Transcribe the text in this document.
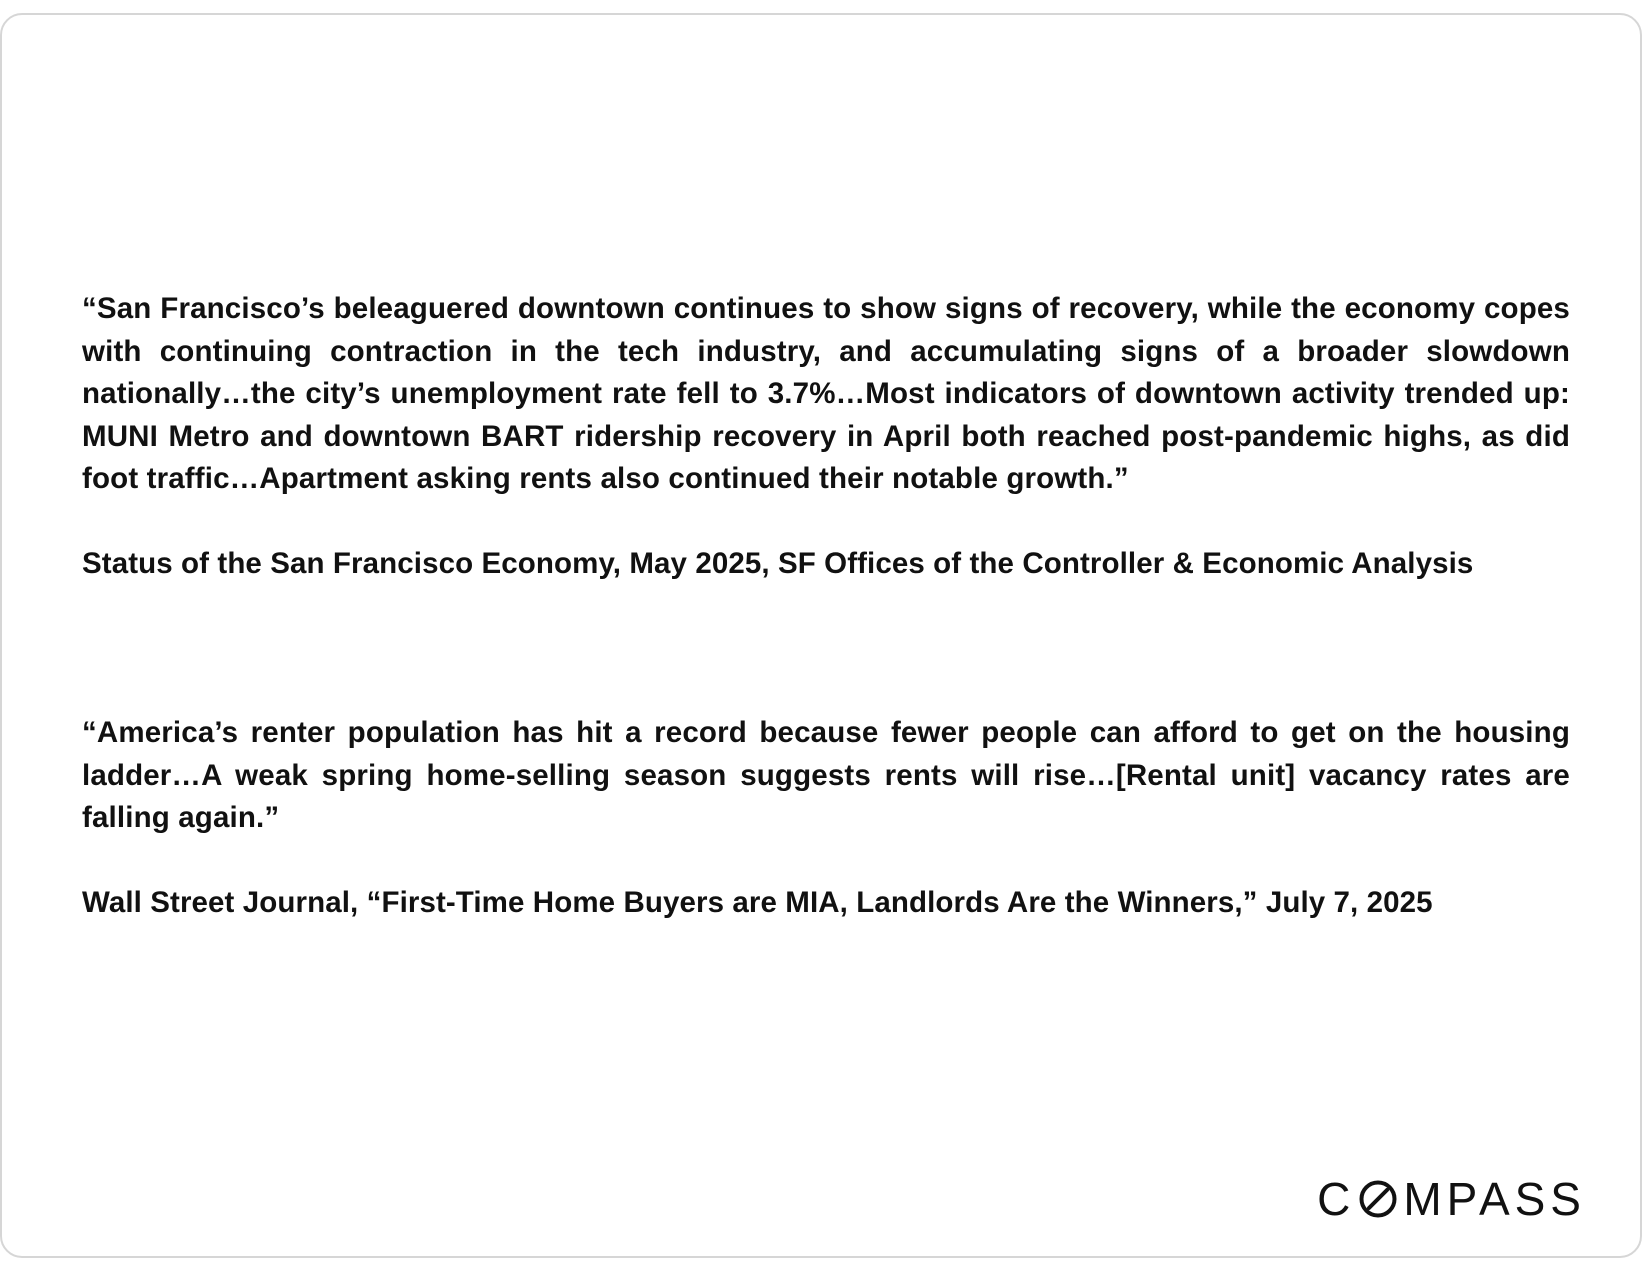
“San Francisco’s beleaguered downtown continues to show signs of recovery, while the economy copes with continuing contraction in the tech industry, and accumulating signs of a broader slowdown nationally…the city’s unemployment rate fell to 3.7%…Most indicators of downtown activity trended up: MUNI Metro and downtown BART ridership recovery in April both reached post-pandemic highs, as did foot traffic…Apartment asking rents also continued their notable growth.”

Status of the San Francisco Economy, May 2025, SF Offices of the Controller & Economic Analysis

“America’s renter population has hit a record because fewer people can afford to get on the housing ladder…A weak spring home-selling season suggests rents will rise…[Rental unit] vacancy rates are falling again.”

Wall Street Journal, “First-Time Home Buyers are MIA, Landlords Are the Winners,” July 7, 2025

C MPASS
